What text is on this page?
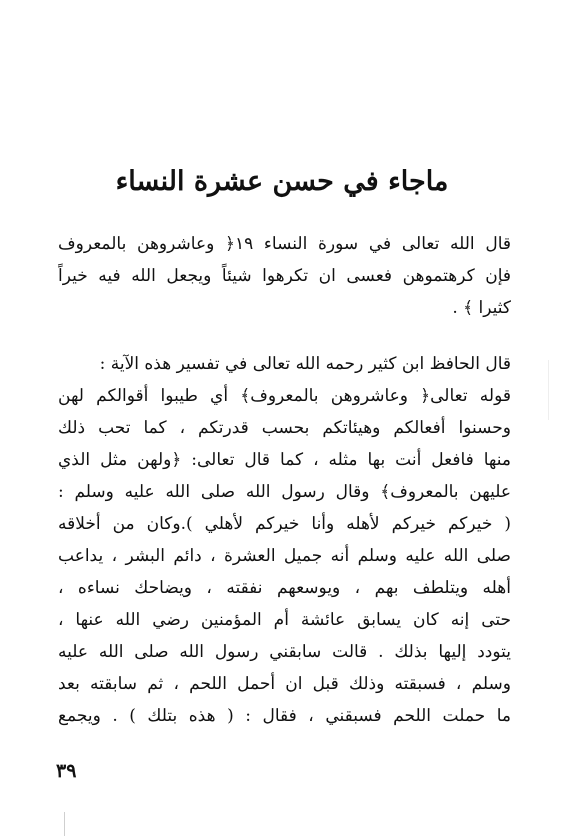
ماجاء في حسن عشرة النساء
قال الله تعالى في سورة النساء ١٩﴿ وعاشروهن بالمعروف
فإن كرهتموهن فعسى ان تكرهوا شيئاً ويجعل الله فيه خيراً
كثيرا ﴾ .
قال الحافظ ابن كثير رحمه الله تعالى في تفسير هذه الآية :
قوله تعالى﴿ وعاشروهن بالمعروف﴾ أي طيبوا أقوالكم لهن
وحسنوا أفعالكم وهيئاتكم بحسب قدرتكم ، كما تحب ذلك
منها فافعل أنت بها مثله ، كما قال تعالى: ﴿ولهن مثل الذي
عليهن بالمعروف﴾ وقال رسول الله صلى الله عليه وسلم :
( خيركم خيركم لأهله وأنا خيركم لأهلي ).وكان من أخلاقه
صلى الله عليه وسلم أنه جميل العشرة ، دائم البشر ، يداعب
أهله ويتلطف بهم ، ويوسعهم نفقته ، ويضاحك نساءه ،
حتى إنه كان يسابق عائشة أم المؤمنين رضي الله عنها ،
يتودد إليها بذلك . قالت سابقني رسول الله صلى الله عليه
وسلم ، فسبقته وذلك قبل ان أحمل اللحم ، ثم سابقته بعد
ما حملت اللحم فسبقني ، فقال : ( هذه بتلك ) . ويجمع
٣٩
